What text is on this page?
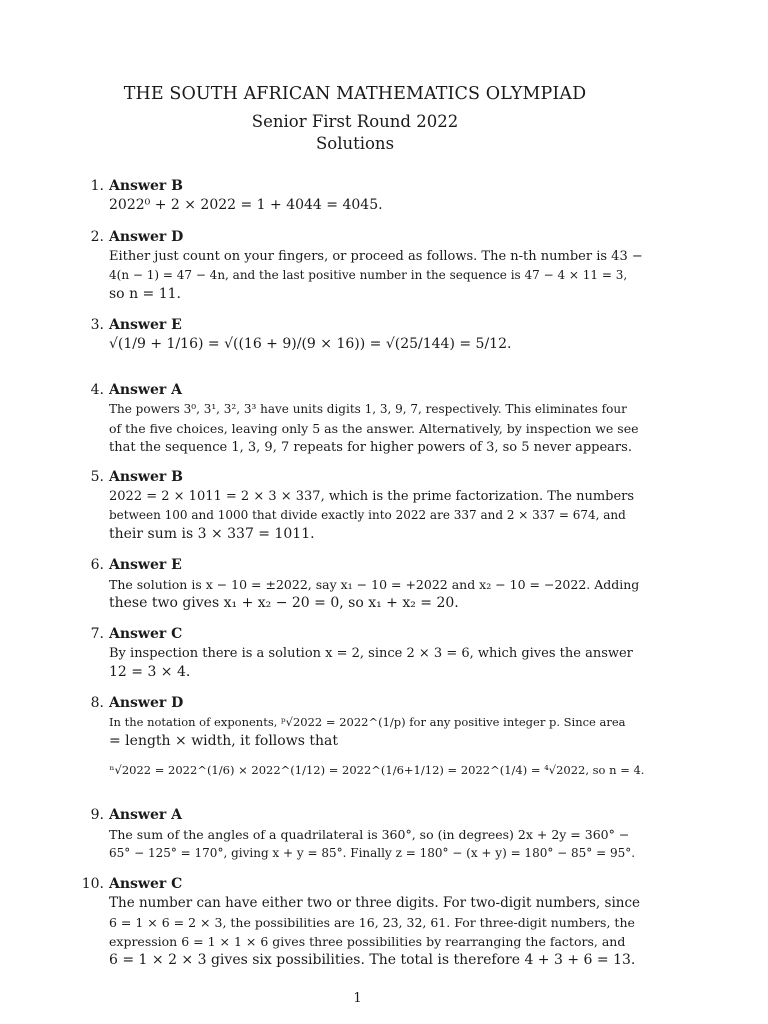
THE SOUTH AFRICAN MATHEMATICS OLYMPIAD
Senior First Round 2022
Solutions
1. Answer B
2022⁰ + 2 × 2022 = 1 + 4044 = 4045.
2. Answer D
Either just count on your fingers, or proceed as follows. The n-th number is 43 −
4(n − 1) = 47 − 4n, and the last positive number in the sequence is 47 − 4 × 11 = 3,
so n = 11.
3. Answer E
√(1/9 + 1/16) = √((16 + 9)/(9 × 16)) = √(25/144) = 5/12.
4. Answer A
The powers 3⁰, 3¹, 3², 3³ have units digits 1, 3, 9, 7, respectively. This eliminates four
of the five choices, leaving only 5 as the answer. Alternatively, by inspection we see
that the sequence 1, 3, 9, 7 repeats for higher powers of 3, so 5 never appears.
5. Answer B
2022 = 2 × 1011 = 2 × 3 × 337, which is the prime factorization. The numbers
between 100 and 1000 that divide exactly into 2022 are 337 and 2 × 337 = 674, and
their sum is 3 × 337 = 1011.
6. Answer E
The solution is x − 10 = ±2022, say x₁ − 10 = +2022 and x₂ − 10 = −2022. Adding
these two gives x₁ + x₂ − 20 = 0, so x₁ + x₂ = 20.
7. Answer C
By inspection there is a solution x = 2, since 2 × 3 = 6, which gives the answer
12 = 3 × 4.
8. Answer D
In the notation of exponents, ᵖ√2022 = 2022^(1/p) for any positive integer p. Since area
= length × width, it follows that
ⁿ√2022 = 2022^(1/6) × 2022^(1/12) = 2022^(1/6+1/12) = 2022^(1/4) = ⁴√2022, so n = 4.
9. Answer A
The sum of the angles of a quadrilateral is 360°, so (in degrees) 2x + 2y = 360° −
65° − 125° = 170°, giving x + y = 85°. Finally z = 180° − (x + y) = 180° − 85° = 95°.
10. Answer C
The number can have either two or three digits. For two-digit numbers, since
6 = 1 × 6 = 2 × 3, the possibilities are 16, 23, 32, 61. For three-digit numbers, the
expression 6 = 1 × 1 × 6 gives three possibilities by rearranging the factors, and
6 = 1 × 2 × 3 gives six possibilities. The total is therefore 4 + 3 + 6 = 13.
1
